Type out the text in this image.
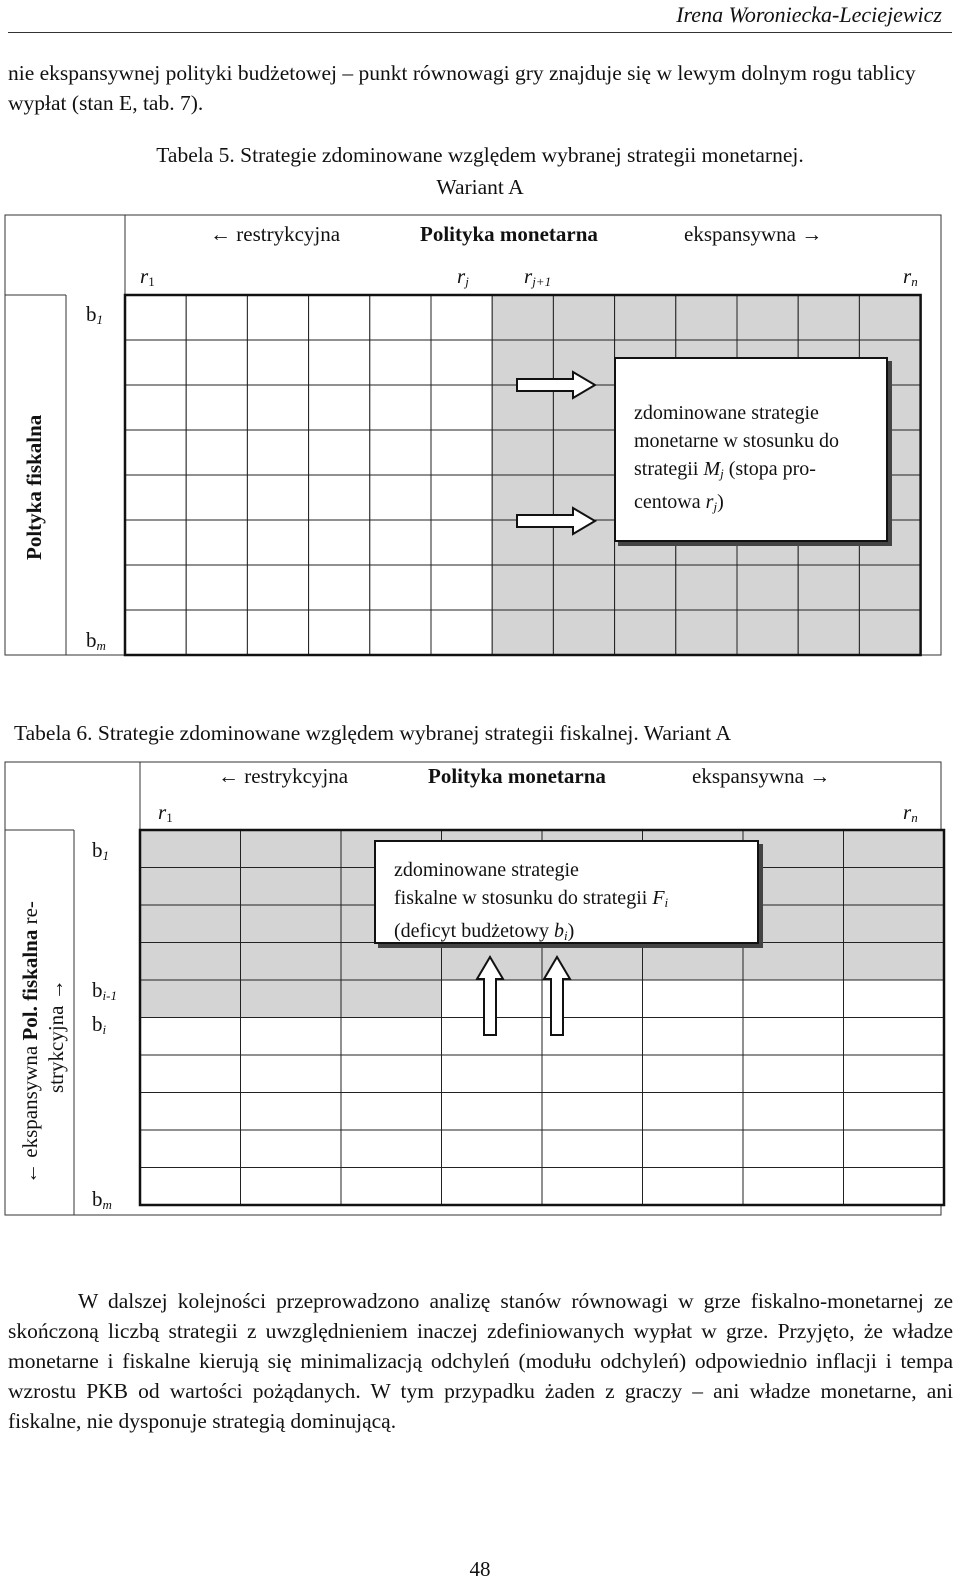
Irena Woroniecka-Leciejewicz
nie ekspansywnej polityki budżetowej – punkt równowagi gry znajduje się w lewym dolnym rogu tablicy wypłat (stan E, tab. 7).
Tabela 5. Strategie zdominowane względem wybranej strategii monetarnej.
Wariant A
← restrykcyjna	Polityka monetarna	ekspansywna →
$r_1$	$r_j$	$r_{j+1}$	$r_n$
$b_1$
$b_m$
Poltyka fiskalna
zdominowane strategie
monetarne w stosunku do
strategii $M_j$ (stopa pro-
centowa $r_j$)
Tabela 6. Strategie zdominowane względem wybranej strategii fiskalnej. Wariant A
← restrykcyjna	Polityka monetarna	ekspansywna →
$r_1$	$r_n$
$b_1$
$b_{i-1}$
$b_i$
$b_m$
← ekspansywna Pol. fiskalna re-
strykcyjna →
zdominowane strategie
fiskalne w stosunku do strategii $F_i$
(deficyt budżetowy $b_i$)
W dalszej kolejności przeprowadzono analizę stanów równowagi w grze fiskalno-monetarnej ze skończoną liczbą strategii z uwzględnieniem inaczej zdefiniowanych wypłat w grze. Przyjęto, że władze monetarne i fiskalne kierują się minimalizacją odchyleń (modułu odchyleń) odpowiednio inflacji i tempa wzrostu PKB od wartości pożądanych. W tym przypadku żaden z graczy – ani władze monetarne, ani fiskalne, nie dysponuje strategią dominującą.
48
